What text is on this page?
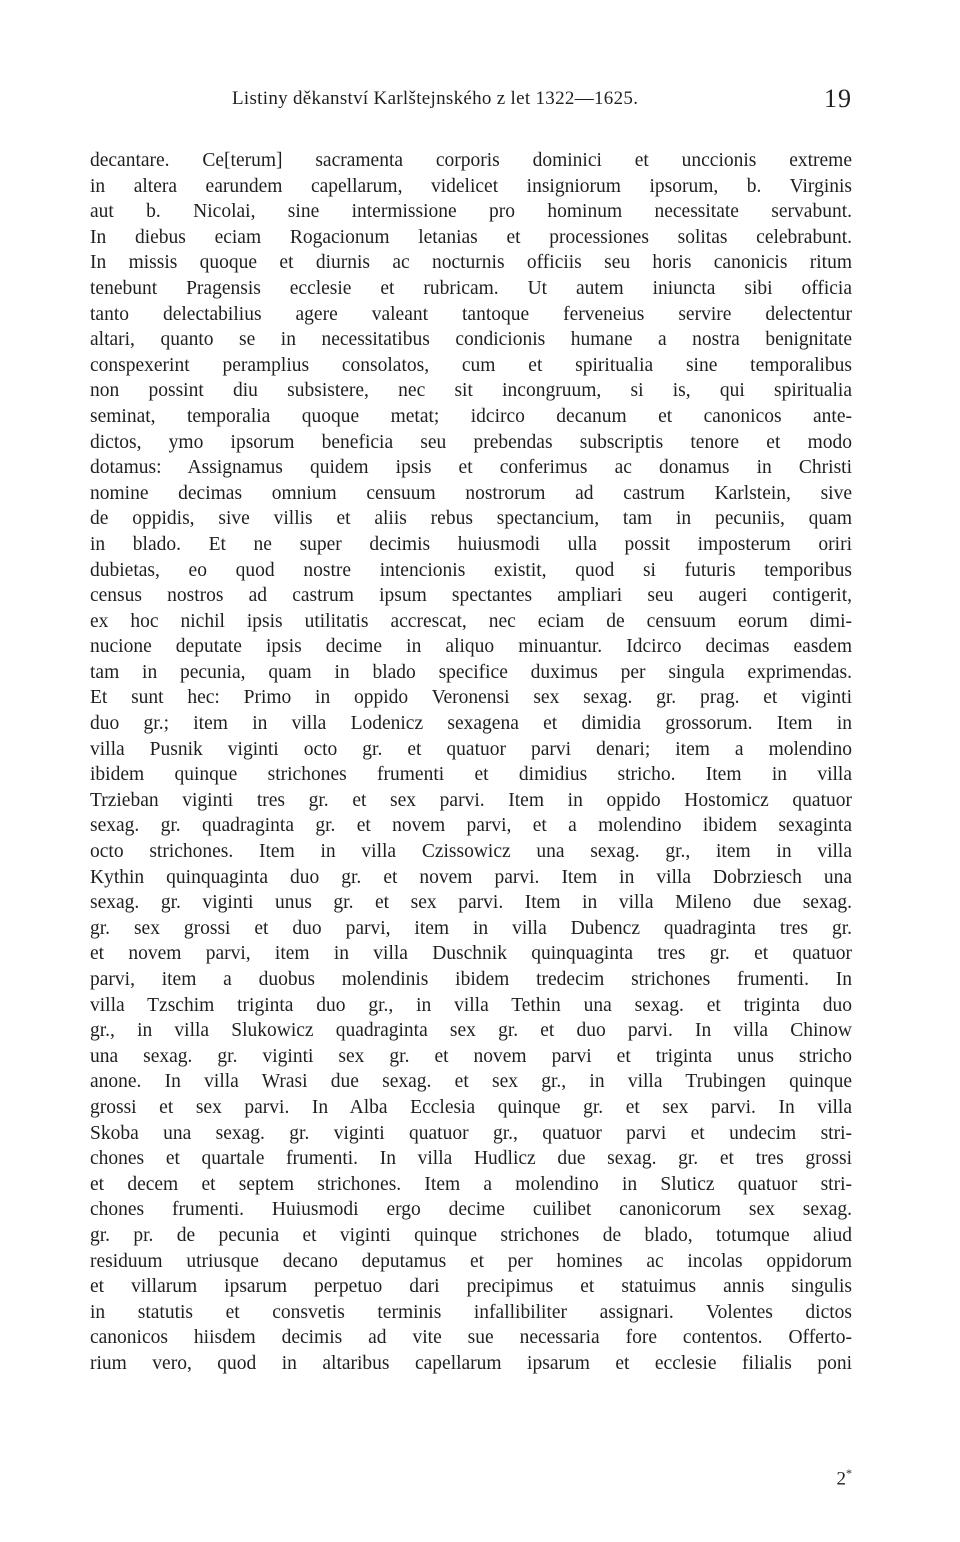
Listiny děkanství Karlštejnského z let 1322—1625.	19
decantare. Ce[terum] sacramenta corporis dominici et unccionis extreme
in altera earundem capellarum, videlicet insigniorum ipsorum, b. Virginis
aut b. Nicolai, sine intermissione pro hominum necessitate servabunt.
In diebus eciam Rogacionum letanias et processiones solitas celebrabunt.
In missis quoque et diurnis ac nocturnis officiis seu horis canonicis ritum
tenebunt Pragensis ecclesie et rubricam. Ut autem iniuncta sibi officia
tanto delectabilius agere valeant tantoque ferveneius servire delectentur
altari, quanto se in necessitatibus condicionis humane a nostra benignitate
conspexerint peramplius consolatos, cum et spiritualia sine temporalibus
non possint diu subsistere, nec sit incongruum, si is, qui spiritualia
seminat, temporalia quoque metat; idcirco decanum et canonicos ante-
dictos, ymo ipsorum beneficia seu prebendas subscriptis tenore et modo
dotamus: Assignamus quidem ipsis et conferimus ac donamus in Christi
nomine decimas omnium censuum nostrorum ad castrum Karlstein, sive
de oppidis, sive villis et aliis rebus spectancium, tam in pecuniis, quam
in blado. Et ne super decimis huiusmodi ulla possit imposterum oriri
dubietas, eo quod nostre intencionis existit, quod si futuris temporibus
census nostros ad castrum ipsum spectantes ampliari seu augeri contigerit,
ex hoc nichil ipsis utilitatis accrescat, nec eciam de censuum eorum dimi-
nucione deputate ipsis decime in aliquo minuantur. Idcirco decimas easdem
tam in pecunia, quam in blado specifice duximus per singula exprimendas.
Et sunt hec: Primo in oppido Veronensi sex sexag. gr. prag. et viginti
duo gr.; item in villa Lodenicz sexagena et dimidia grossorum. Item in
villa Pusnik viginti octo gr. et quatuor parvi denari; item a molendino
ibidem quinque strichones frumenti et dimidius stricho. Item in villa
Trzieban viginti tres gr. et sex parvi. Item in oppido Hostomicz quatuor
sexag. gr. quadraginta gr. et novem parvi, et a molendino ibidem sexaginta
octo strichones. Item in villa Czissowicz una sexag. gr., item in villa
Kythin quinquaginta duo gr. et novem parvi. Item in villa Dobrziesch una
sexag. gr. viginti unus gr. et sex parvi. Item in villa Mileno due sexag.
gr. sex grossi et duo parvi, item in villa Dubencz quadraginta tres gr.
et novem parvi, item in villa Duschnik quinquaginta tres gr. et quatuor
parvi, item a duobus molendinis ibidem tredecim strichones frumenti. In
villa Tzschim triginta duo gr., in villa Tethin una sexag. et triginta duo
gr., in villa Slukowicz quadraginta sex gr. et duo parvi. In villa Chinow
una sexag. gr. viginti sex gr. et novem parvi et triginta unus stricho
anone. In villa Wrasi due sexag. et sex gr., in villa Trubingen quinque
grossi et sex parvi. In Alba Ecclesia quinque gr. et sex parvi. In villa
Skoba una sexag. gr. viginti quatuor gr., quatuor parvi et undecim stri-
chones et quartale frumenti. In villa Hudlicz due sexag. gr. et tres grossi
et decem et septem strichones. Item a molendino in Sluticz quatuor stri-
chones frumenti. Huiusmodi ergo decime cuilibet canonicorum sex sexag.
gr. pr. de pecunia et viginti quinque strichones de blado, totumque aliud
residuum utriusque decano deputamus et per homines ac incolas oppidorum
et villarum ipsarum perpetuo dari precipimus et statuimus annis singulis
in statutis et consvetis terminis infallibiliter assignari. Volentes dictos
canonicos hiisdem decimis ad vite sue necessaria fore contentos. Offerto-
rium vero, quod in altaribus capellarum ipsarum et ecclesie filialis poni
2*
